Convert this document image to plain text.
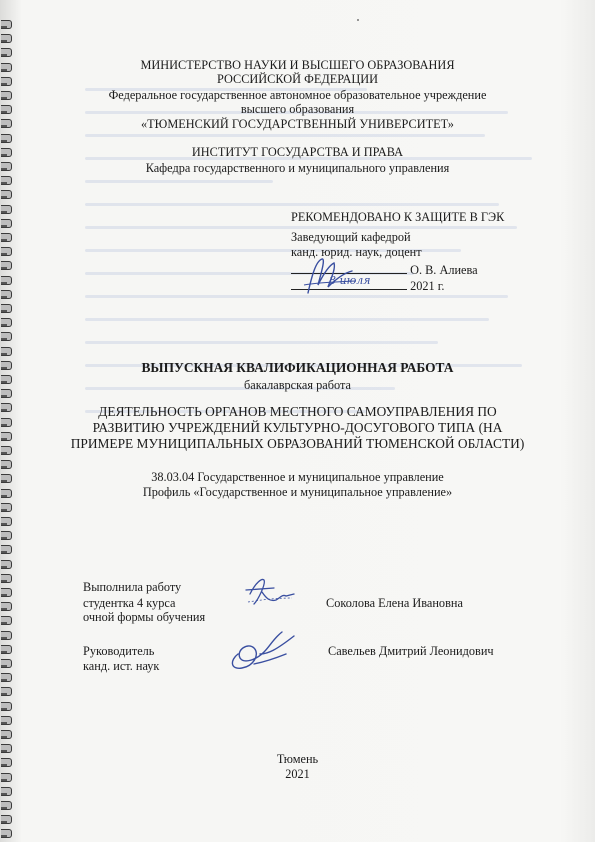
МИНИСТЕРСТВО НАУКИ И ВЫСШЕГО ОБРАЗОВАНИЯ
РОССИЙСКОЙ ФЕДЕРАЦИИ
Федеральное государственное автономное образовательное учреждение
высшего образования
«ТЮМЕНСКИЙ ГОСУДАРСТВЕННЫЙ УНИВЕРСИТЕТ»
ИНСТИТУТ ГОСУДАРСТВА И ПРАВА
Кафедра государственного и муниципального управления
РЕКОМЕНДОВАНО К ЗАЩИТЕ В ГЭК
Заведующий кафедрой
канд. юрид. наук, доцент
О. В. Алиева
8 июля	2021 г.
ВЫПУСКНАЯ КВАЛИФИКАЦИОННАЯ РАБОТА
бакалаврская работа
ДЕЯТЕЛЬНОСТЬ ОРГАНОВ МЕСТНОГО САМОУПРАВЛЕНИЯ ПО
РАЗВИТИЮ УЧРЕЖДЕНИЙ КУЛЬТУРНО-ДОСУГОВОГО ТИПА (НА
ПРИМЕРЕ МУНИЦИПАЛЬНЫХ ОБРАЗОВАНИЙ ТЮМЕНСКОЙ ОБЛАСТИ)
38.03.04 Государственное и муниципальное управление
Профиль «Государственное и муниципальное управление»
Выполнила работу
студентка 4 курса
очной формы обучения
Соколова Елена Ивановна
Руководитель
канд. ист. наук
Савельев Дмитрий Леонидович
Тюмень
2021
